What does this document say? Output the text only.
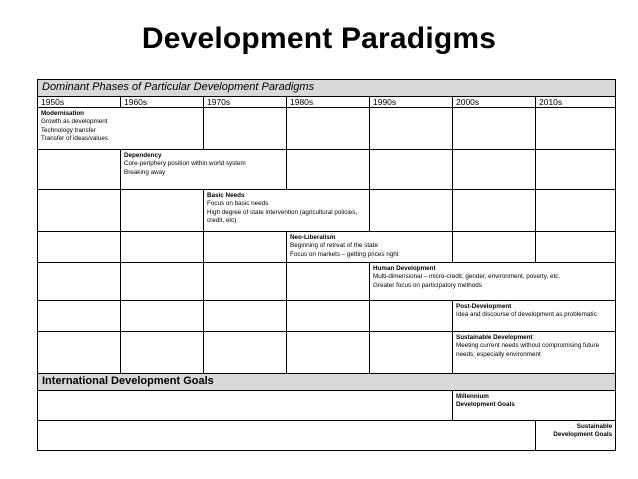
Development Paradigms
Dominant Phases of Particular Development Paradigms						
1950s	1960s	1970s	1980s	1990s	2000s	2010s

Modernisation
Growth as development
Technology transfer
Transfer of ideas/values						

	Dependency
Core-periphery position within world system
Breaking away					

		Basic Needs
Focus on basic needs
High degree of state intervention (agricultural policies, credit, etc)				

			Neo-Liberalism
Beginning of retreat of the state
Focus on markets – getting prices right			

				Human Development
Multi-dimensional – micro-credit, gender, environment, poverty, etc.
Greater focus on participatory methods		

					Post-Development
Idea and discourse of development as problematic	

					Sustainable Development
Meeting current needs without compromising future needs; especially environment	

International Development Goals						

					Millennium Development Goals	

						Sustainable Development Goals
